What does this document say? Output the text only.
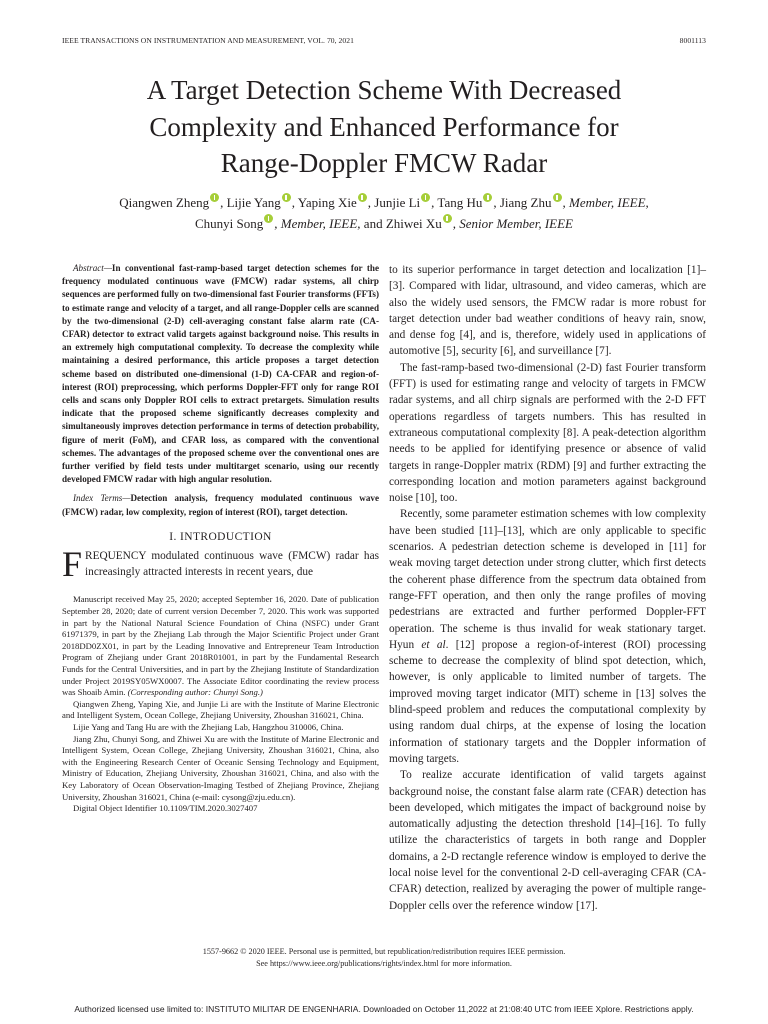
IEEE TRANSACTIONS ON INSTRUMENTATION AND MEASUREMENT, VOL. 70, 2021	8001113
A Target Detection Scheme With Decreased
Complexity and Enhanced Performance for
Range-Doppler FMCW Radar
Qiangwen Zheng , Lijie Yang , Yaping Xie , Junjie Li , Tang Hu , Jiang Zhu , Member, IEEE,
Chunyi Song , Member, IEEE, and Zhiwei Xu , Senior Member, IEEE

Abstract—In conventional fast-ramp-based target detection schemes for the frequency modulated continuous wave (FMCW) radar systems, all chirp sequences are performed fully on two-dimensional fast Fourier transforms (FFTs) to estimate range and velocity of a target, and all range-Doppler cells are scanned by the two-dimensional (2-D) cell-averaging constant false alarm rate (CA-CFAR) detector to extract valid targets against background noise. This results in an extremely high computational complexity. To decrease the complexity while maintaining a desired performance, this article proposes a target detection scheme based on distributed one-dimensional (1-D) CA-CFAR and region-of-interest (ROI) preprocessing, which performs Doppler-FFT only for range ROI cells and scans only Doppler ROI cells to extract pretargets. Simulation results indicate that the proposed scheme significantly decreases complexity and simultaneously improves detection performance in terms of detection probability, figure of merit (FoM), and CFAR loss, as compared with the conventional schemes. The advantages of the proposed scheme over the conventional ones are further verified by field tests under multitarget scenario, using our recently developed FMCW radar with high angular resolution.

Index Terms—Detection analysis, frequency modulated continuous wave (FMCW) radar, low complexity, region of interest (ROI), target detection.

I. INTRODUCTION

FREQUENCY modulated continuous wave (FMCW) radar has increasingly attracted interests in recent years, due

Manuscript received May 25, 2020; accepted September 16, 2020. Date of publication September 28, 2020; date of current version December 7, 2020. This work was supported in part by the National Natural Science Foundation of China (NSFC) under Grant 61971379, in part by the Zhejiang Lab through the Major Scientific Project under Grant 2018DD0ZX01, in part by the Leading Innovative and Entrepreneur Team Introduction Program of Zhejiang under Grant 2018R01001, in part by the Fundamental Research Funds for the Central Universities, and in part by the Zhejiang Institute of Standardization under Project 2019SY05WX0007. The Associate Editor coordinating the review process was Shoaib Amin. (Corresponding author: Chunyi Song.)

Qiangwen Zheng, Yaping Xie, and Junjie Li are with the Institute of Marine Electronic and Intelligent System, Ocean College, Zhejiang University, Zhoushan 316021, China.

Lijie Yang and Tang Hu are with the Zhejiang Lab, Hangzhou 310006, China.

Jiang Zhu, Chunyi Song, and Zhiwei Xu are with the Institute of Marine Electronic and Intelligent System, Ocean College, Zhejiang University, Zhoushan 316021, China, also with the Engineering Research Center of Oceanic Sensing Technology and Equipment, Ministry of Education, Zhejiang University, Zhoushan 316021, China, and also with the Key Laboratory of Ocean Observation-Imaging Testbed of Zhejiang Province, Zhejiang University, Zhoushan 316021, China (e-mail: cysong@zju.edu.cn).

Digital Object Identifier 10.1109/TIM.2020.3027407

to its superior performance in target detection and localization [1]–[3]. Compared with lidar, ultrasound, and video cameras, which are also the widely used sensors, the FMCW radar is more robust for target detection under bad weather conditions of heavy rain, snow, and dense fog [4], and is, therefore, widely used in applications of automotive [5], security [6], and surveillance [7].

The fast-ramp-based two-dimensional (2-D) fast Fourier transform (FFT) is used for estimating range and velocity of targets in FMCW radar systems, and all chirp signals are performed with the 2-D FFT operations regardless of targets numbers. This has resulted in extraneous computational complexity [8]. A peak-detection algorithm needs to be applied for identifying presence or absence of valid targets in range-Doppler matrix (RDM) [9] and further extracting the corresponding location and motion parameters against background noise [10], too.

Recently, some parameter estimation schemes with low complexity have been studied [11]–[13], which are only applicable to specific scenarios. A pedestrian detection scheme is developed in [11] for weak moving target detection under strong clutter, which first detects the coherent phase difference from the spectrum data obtained from range-FFT operation, and then only the range profiles of moving pedestrians are extracted and further performed Doppler-FFT operation. The scheme is thus invalid for weak stationary target. Hyun et al. [12] propose a region-of-interest (ROI) processing scheme to decrease the complexity of blind spot detection, which, however, is only applicable to limited number of targets. The improved moving target indicator (MIT) scheme in [13] solves the blind-speed problem and reduces the computational complexity by using random dual chirps, at the expense of losing the location information of stationary targets and the Doppler information of moving targets.

To realize accurate identification of valid targets against background noise, the constant false alarm rate (CFAR) detection has been developed, which mitigates the impact of background noise by automatically adjusting the detection threshold [14]–[16]. To fully utilize the characteristics of targets in both range and Doppler domains, a 2-D rectangle reference window is employed to derive the local noise level for the conventional 2-D cell-averaging CFAR (CA-CFAR) detection, realized by averaging the power of multiple range-Doppler cells over the reference window [17].

1557-9662 © 2020 IEEE. Personal use is permitted, but republication/redistribution requires IEEE permission.
See https://www.ieee.org/publications/rights/index.html for more information.
Authorized licensed use limited to: INSTITUTO MILITAR DE ENGENHARIA. Downloaded on October 11,2022 at 21:08:40 UTC from IEEE Xplore. Restrictions apply.
